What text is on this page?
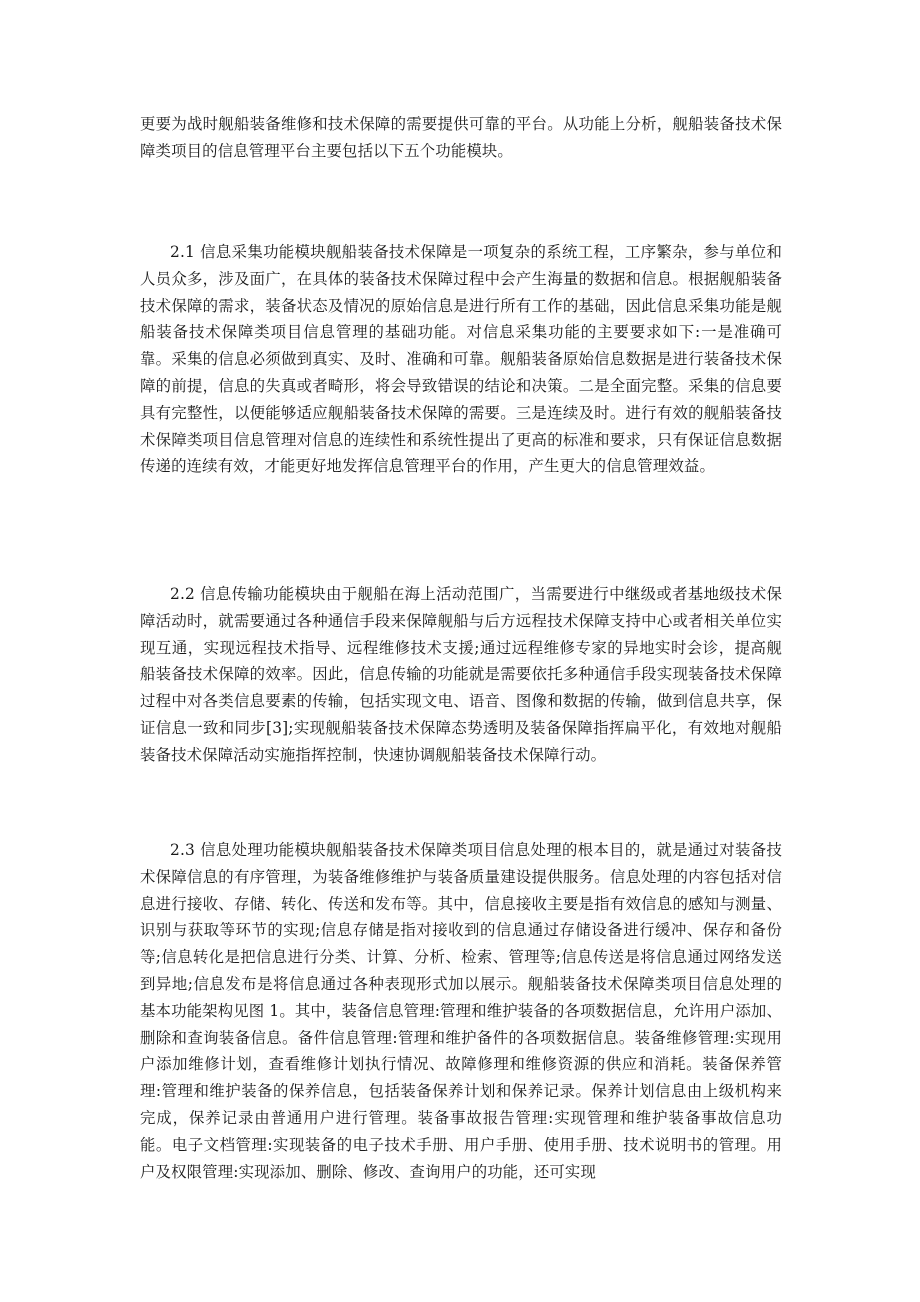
更要为战时舰船装备维修和技术保障的需要提供可靠的平台。从功能上分析，舰船装备技术保障类项目的信息管理平台主要包括以下五个功能模块。

2.1 信息采集功能模块舰船装备技术保障是一项复杂的系统工程，工序繁杂，参与单位和人员众多，涉及面广，在具体的装备技术保障过程中会产生海量的数据和信息。根据舰船装备技术保障的需求，装备状态及情况的原始信息是进行所有工作的基础，因此信息采集功能是舰船装备技术保障类项目信息管理的基础功能。对信息采集功能的主要要求如下:一是准确可靠。采集的信息必须做到真实、及时、准确和可靠。舰船装备原始信息数据是进行装备技术保障的前提，信息的失真或者畸形，将会导致错误的结论和决策。二是全面完整。采集的信息要具有完整性，以便能够适应舰船装备技术保障的需要。三是连续及时。进行有效的舰船装备技术保障类项目信息管理对信息的连续性和系统性提出了更高的标准和要求，只有保证信息数据传递的连续有效，才能更好地发挥信息管理平台的作用，产生更大的信息管理效益。

2.2 信息传输功能模块由于舰船在海上活动范围广，当需要进行中继级或者基地级技术保障活动时，就需要通过各种通信手段来保障舰船与后方远程技术保障支持中心或者相关单位实现互通，实现远程技术指导、远程维修技术支援;通过远程维修专家的异地实时会诊，提高舰船装备技术保障的效率。因此，信息传输的功能就是需要依托多种通信手段实现装备技术保障过程中对各类信息要素的传输，包括实现文电、语音、图像和数据的传输，做到信息共享，保证信息一致和同步[3];实现舰船装备技术保障态势透明及装备保障指挥扁平化，有效地对舰船装备技术保障活动实施指挥控制，快速协调舰船装备技术保障行动。

2.3 信息处理功能模块舰船装备技术保障类项目信息处理的根本目的，就是通过对装备技术保障信息的有序管理，为装备维修维护与装备质量建设提供服务。信息处理的内容包括对信息进行接收、存储、转化、传送和发布等。其中，信息接收主要是指有效信息的感知与测量、识别与获取等环节的实现;信息存储是指对接收到的信息通过存储设备进行缓冲、保存和备份等;信息转化是把信息进行分类、计算、分析、检索、管理等;信息传送是将信息通过网络发送到异地;信息发布是将信息通过各种表现形式加以展示。舰船装备技术保障类项目信息处理的基本功能架构见图 1。其中，装备信息管理:管理和维护装备的各项数据信息，允许用户添加、删除和查询装备信息。备件信息管理:管理和维护备件的各项数据信息。装备维修管理:实现用户添加维修计划，查看维修计划执行情况、故障修理和维修资源的供应和消耗。装备保养管理:管理和维护装备的保养信息，包括装备保养计划和保养记录。保养计划信息由上级机构来完成，保养记录由普通用户进行管理。装备事故报告管理:实现管理和维护装备事故信息功能。电子文档管理:实现装备的电子技术手册、用户手册、使用手册、技术说明书的管理。用户及权限管理:实现添加、删除、修改、查询用户的功能，还可实现
